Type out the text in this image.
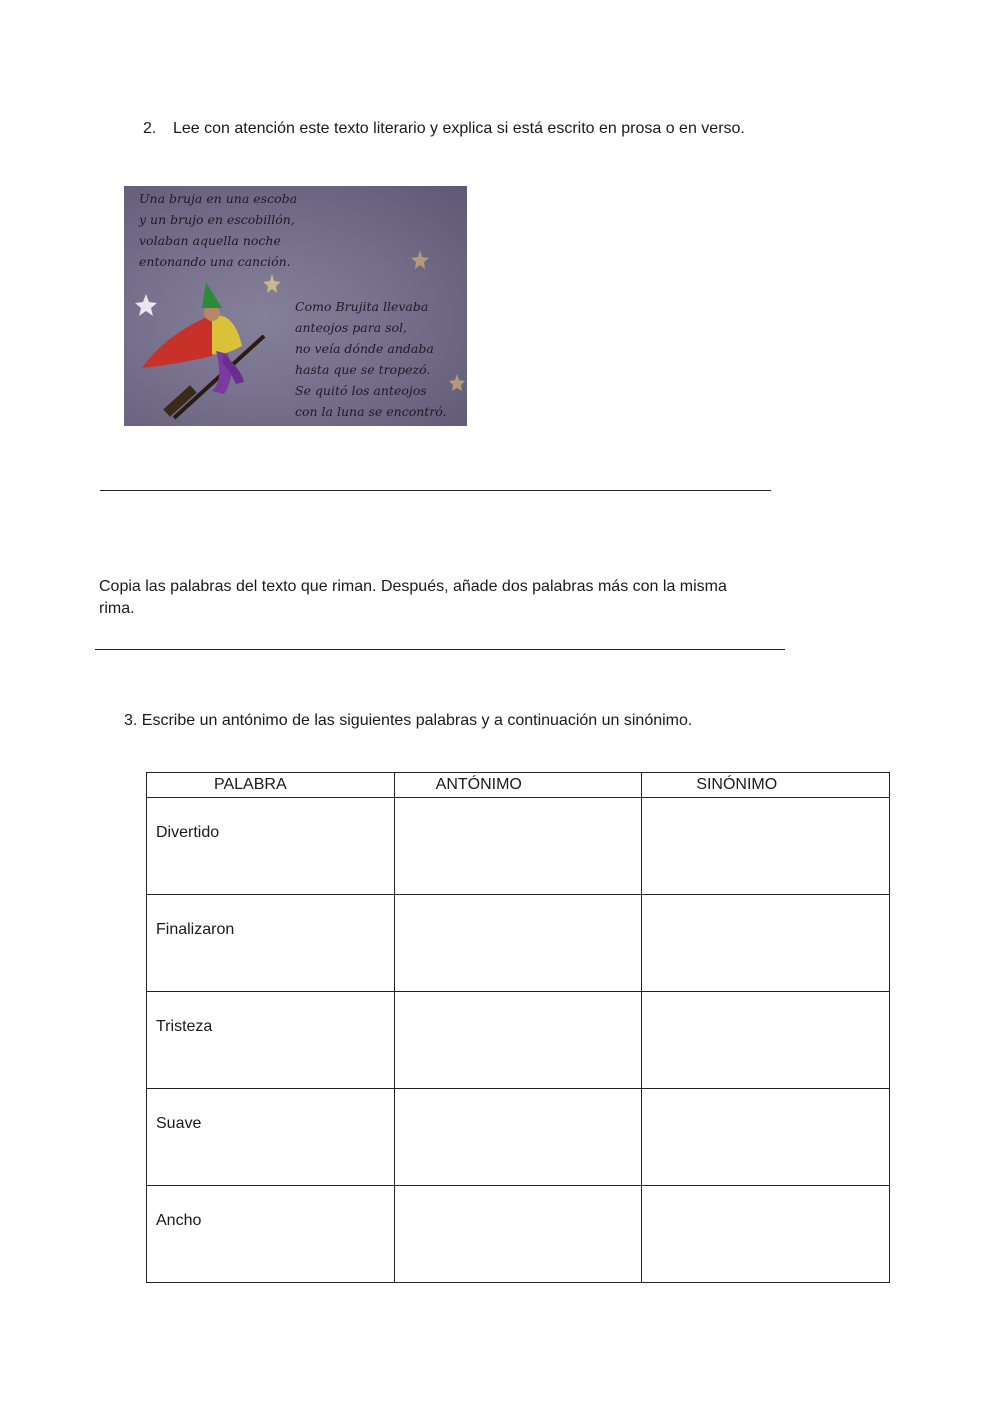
2. Lee con atención este texto literario y explica si está escrito en prosa o en verso.
Una bruja en una escoba
y un brujo en escobillón,
volaban aquella noche
entonando una canción.
Como Brujita llevaba
anteojos para sol,
no veía dónde andaba
hasta que se tropezó.
Se quitó los anteojos
con la luna se encontró.
Copia las palabras del texto que riman. Después, añade dos palabras más con la misma rima.
3. Escribe un antónimo de las siguientes palabras y a continuación un sinónimo.
PALABRA	ANTÓNIMO	SINÓNIMO

Divertido		

Finalizaron		

Tristeza		

Suave		

Ancho		
